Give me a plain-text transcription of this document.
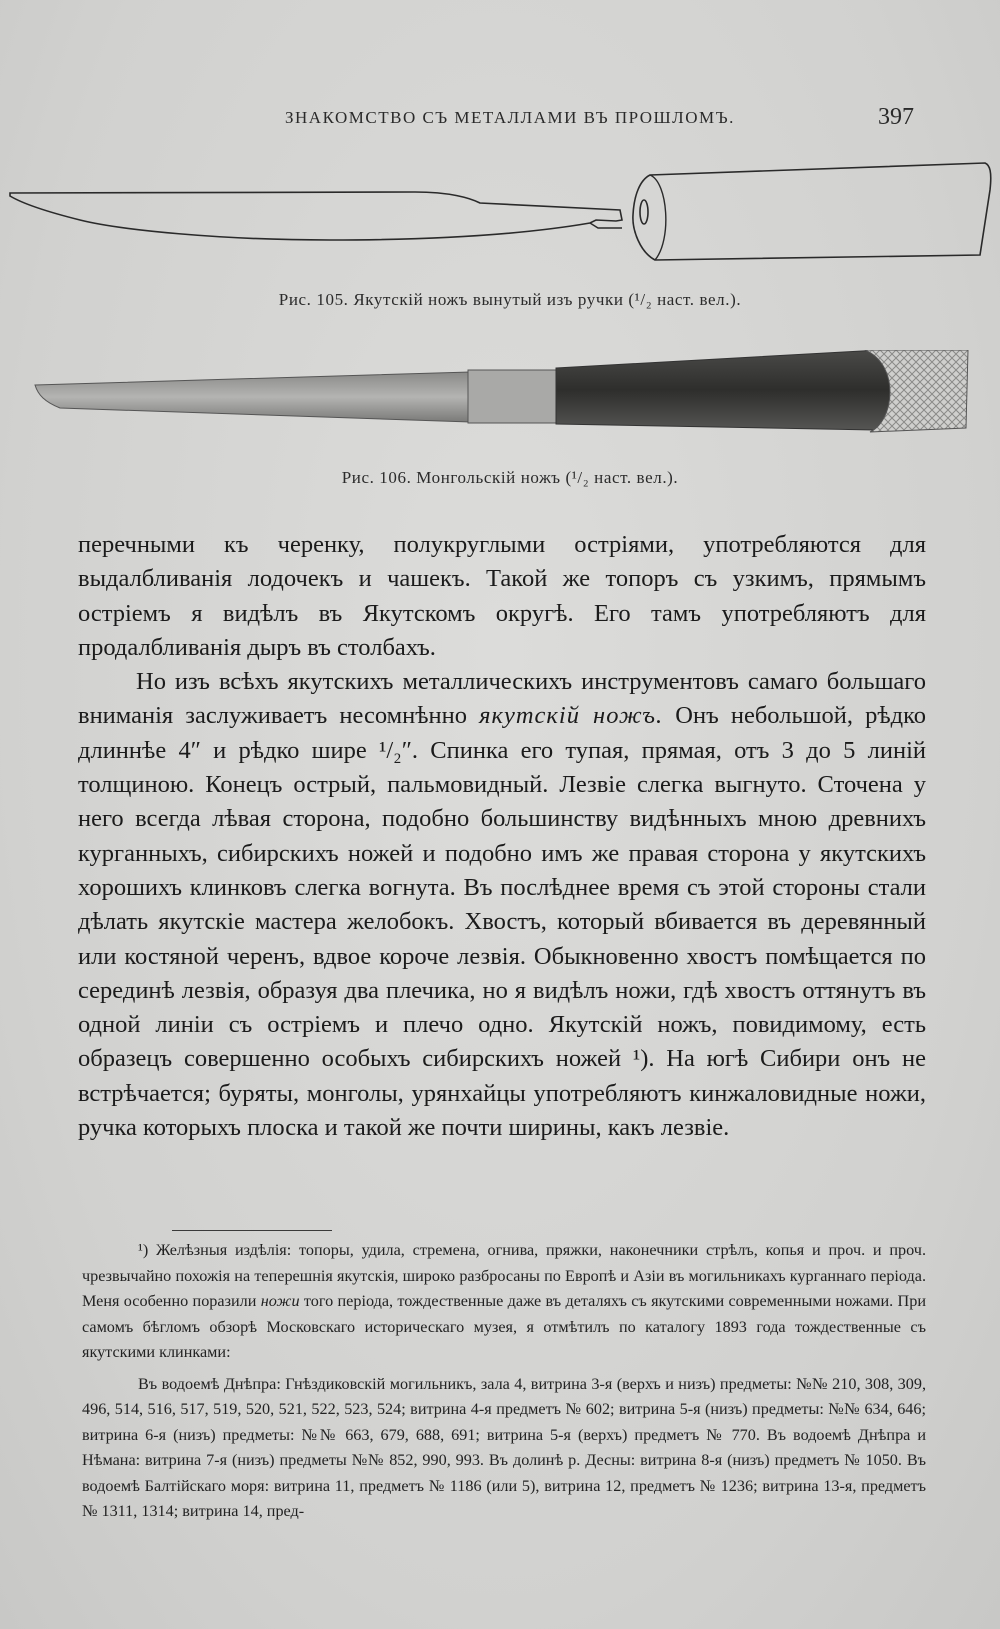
ЗНАКОМСТВО СЪ МЕТАЛЛАМИ ВЪ ПРОШЛОМЪ.	397
Рис. 105. Якутскій ножъ вынутый изъ ручки (¹/₂ наст. вел.).
Рис. 106. Монгольскій ножъ (¹/₂ наст. вел.).

перечными къ черенку, полукруглыми остріями, употребляются для выдалбливанія лодочекъ и чашекъ. Такой же топоръ съ узкимъ, прямымъ остріемъ я видѣлъ въ Якутскомъ округѣ. Его тамъ употребляютъ для продалбливанія дыръ въ столбахъ.

Но изъ всѣхъ якутскихъ металлическихъ инструментовъ самаго большаго вниманія заслуживаетъ несомнѣнно якутскій ножъ. Онъ небольшой, рѣдко длиннѣе 4″ и рѣдко шире ¹/₂″. Спинка его тупая, прямая, отъ 3 до 5 линій толщиною. Конецъ острый, пальмовидный. Лезвіе слегка выгнуто. Сточена у него всегда лѣвая сторона, подобно большинству видѣнныхъ мною древнихъ курганныхъ, сибирскихъ ножей и подобно имъ же правая сторона у якутскихъ хорошихъ клинковъ слегка вогнута. Въ послѣднее время съ этой стороны стали дѣлать якутскіе мастера желобокъ. Хвостъ, который вбивается въ деревянный или костяной черенъ, вдвое короче лезвія. Обыкновенно хвостъ помѣщается по серединѣ лезвія, образуя два плечика, но я видѣлъ ножи, гдѣ хвостъ оттянутъ въ одной линіи съ остріемъ и плечо одно. Якутскій ножъ, повидимому, есть образецъ совершенно особыхъ сибирскихъ ножей ¹). На югѣ Сибири онъ не встрѣчается; буряты, монголы, урянхайцы употребляютъ кинжаловидные ножи, ручка которыхъ плоска и такой же почти ширины, какъ лезвіе.

¹) Желѣзныя издѣлія: топоры, удила, стремена, огнива, пряжки, наконечники стрѣлъ, копья и проч. и проч. чрезвычайно похожія на теперешнія якутскія, широко разбросаны по Европѣ и Азіи въ могильникахъ курганнаго періода. Меня особенно поразили ножи того періода, тождественные даже въ деталяхъ съ якутскими современными ножами. При самомъ бѣгломъ обзорѣ Московскаго историческаго музея, я отмѣтилъ по каталогу 1893 года тождественные съ якутскими клинками:

Въ водоемѣ Днѣпра: Гнѣздиковскій могильникъ, зала 4, витрина 3-я (верхъ и низъ) предметы: №№ 210, 308, 309, 496, 514, 516, 517, 519, 520, 521, 522, 523, 524; витрина 4-я предметъ № 602; витрина 5-я (низъ) предметы: №№ 634, 646; витрина 6-я (низъ) предметы: №№ 663, 679, 688, 691; витрина 5-я (верхъ) предметъ № 770. Въ водоемѣ Днѣпра и Нѣмана: витрина 7-я (низъ) предметы №№ 852, 990, 993. Въ долинѣ р. Десны: витрина 8-я (низъ) предметъ № 1050. Въ водоемѣ Балтійскаго моря: витрина 11, предметъ № 1186 (или 5), витрина 12, предметъ № 1236; витрина 13-я, предметъ № 1311, 1314; витрина 14, пред-
